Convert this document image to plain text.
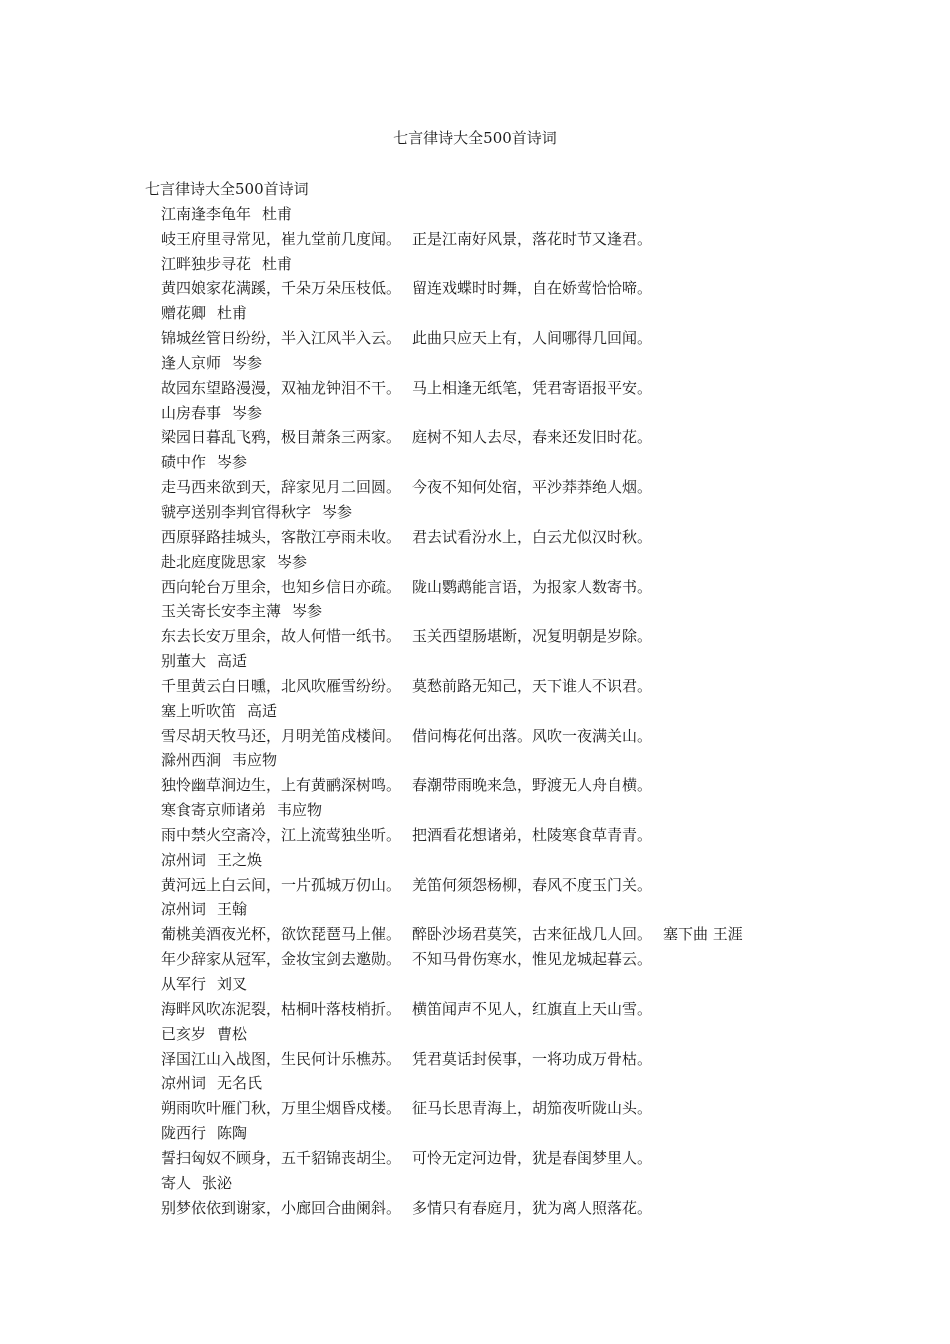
七言律诗大全500首诗词
七言律诗大全500首诗词
江南逢李龟年 杜甫
岐王府里寻常见，崔九堂前几度闻。 正是江南好风景，落花时节又逢君。
江畔独步寻花 杜甫
黄四娘家花满蹊，千朵万朵压枝低。 留连戏蝶时时舞，自在娇莺恰恰啼。
赠花卿 杜甫
锦城丝管日纷纷，半入江风半入云。 此曲只应天上有，人间哪得几回闻。
逢人京师 岑参
故园东望路漫漫，双袖龙钟泪不干。 马上相逢无纸笔，凭君寄语报平安。
山房春事 岑参
梁园日暮乱飞鸦，极目萧条三两家。 庭树不知人去尽，春来还发旧时花。
碛中作 岑参
走马西来欲到天，辞家见月二回圆。 今夜不知何处宿，平沙莽莽绝人烟。
虢亭送别李判官得秋字 岑参
西原驿路挂城头，客散江亭雨未收。 君去试看汾水上，白云尤似汉时秋。
赴北庭度陇思家 岑参
西向轮台万里余，也知乡信日亦疏。 陇山鹦鹉能言语，为报家人数寄书。
玉关寄长安李主薄 岑参
东去长安万里余，故人何惜一纸书。 玉关西望肠堪断，况复明朝是岁除。
别董大 高适
千里黄云白日曛，北风吹雁雪纷纷。 莫愁前路无知己，天下谁人不识君。
塞上听吹笛 高适
雪尽胡天牧马还，月明羌笛戍楼间。 借问梅花何出落。风吹一夜满关山。
滁州西涧 韦应物
独怜幽草涧边生，上有黄鹂深树鸣。 春潮带雨晚来急，野渡无人舟自横。
寒食寄京师诸弟 韦应物
雨中禁火空斋冷，江上流莺独坐听。 把酒看花想诸弟，杜陵寒食草青青。
凉州词 王之焕
黄河远上白云间，一片孤城万仞山。 羌笛何须怨杨柳，春风不度玉门关。
凉州词 王翰
葡桃美酒夜光杯，欲饮琵琶马上催。 醉卧沙场君莫笑，古来征战几人回。 塞下曲 王涯
年少辞家从冠军，金妆宝剑去邀勋。 不知马骨伤寒水，惟见龙城起暮云。
从军行 刘叉
海畔风吹冻泥裂，枯桐叶落枝梢折。 横笛闻声不见人，红旗直上天山雪。
已亥岁 曹松
泽国江山入战图，生民何计乐樵苏。 凭君莫话封侯事，一将功成万骨枯。
凉州词 无名氏
朔雨吹叶雁门秋，万里尘烟昏戍楼。 征马长思青海上，胡笳夜听陇山头。
陇西行 陈陶
誓扫匈奴不顾身，五千貂锦丧胡尘。 可怜无定河边骨，犹是春闺梦里人。
寄人 张泌
别梦依依到谢家，小廊回合曲阑斜。 多情只有春庭月，犹为离人照落花。
